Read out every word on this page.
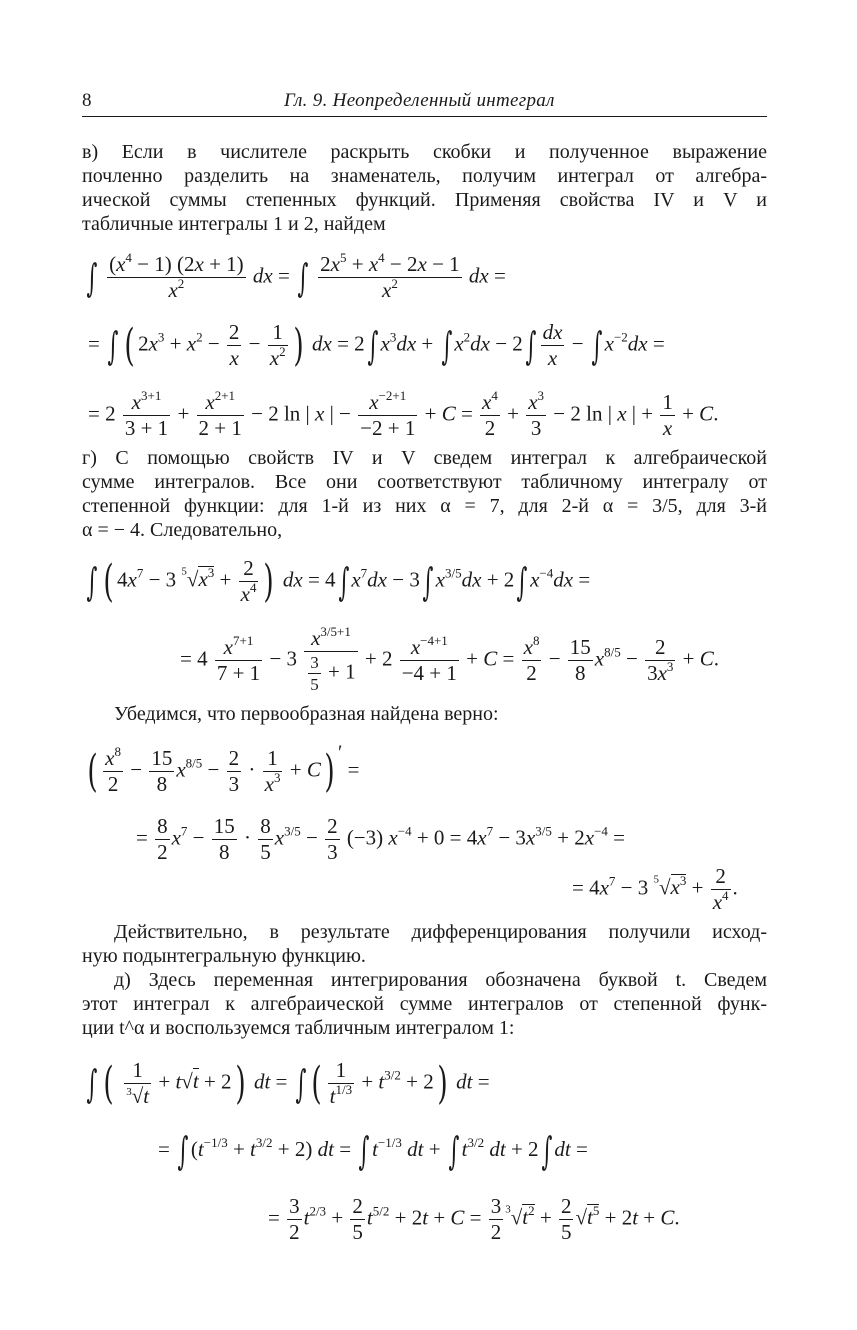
8	Гл. 9. Неопределенный интеграл
в) Если в числителе раскрыть скобки и полученное выражение
почленно разделить на знаменатель, получим интеграл от алгебра-
ической суммы степенных функций. Применяя свойства IV и V и
табличные интегралы 1 и 2, найдем
∫ $\frac{(x^4 - 1) (2x + 1)}{x^2}$ dx = ∫ $\frac{2x^5 + x^4 - 2x - 1}{x^2}$ dx =
= ∫ ( $2x^3 + x^2 - \frac{2}{x} - \frac{1}{x^2}$ ) dx = 2∫ $x^3dx$ + ∫ $x^2dx - 2\int \frac{dx}{x}$ − ∫ $x^{-2}dx$ =
= $2 \frac{x^{3+1}}{3 + 1} + \frac{x^{2+1}}{2 + 1} - 2$ ln | x | − $\frac{x^{-2+1}}{-2 + 1} + C = \frac{x^4}{2} + \frac{x^3}{3} - 2$ ln | x | + $\frac{1}{x} + C$.
г) С помощью свойств IV и V сведем интеграл к алгебраической
сумме интегралов. Все они соответствуют табличному интегралу от
степенной функции: для 1-й из них α = 7, для 2-й α = 3/5, для 3-й
α = − 4. Следовательно,
∫ ( $4x^7 - 3$ $^5√x^3 + \frac{2}{x^4}$ ) dx = 4∫ $x^7dx - 3\int$ $x^{3/5}dx + 2\int$ $x^{-4}dx$ =
= $4 \frac{x^{7+1}}{7 + 1} - 3 \frac{x^{3/5+1}}{\frac{3}{5} + 1} + 2 \frac{x^{-4+1}}{-4 + 1} + C = \frac{x^8}{2} - \frac{15}{8} x^{8/5} - \frac{2}{3x^3} + C$.
Убедимся, что первообразная найдена верно:
( $\frac{x^8}{2} - \frac{15}{8} x^{8/5} - \frac{2}{3} \cdot \frac{1}{x^3} + C$) ′ =
= $\frac{8}{2} x^7 - \frac{15}{8} \cdot \frac{8}{5} x^{3/5} - \frac{2}{3} (-3) x^{-4} + 0 = 4x^7 - 3x^{3/5} + 2x^{-4}$ =
= $4x^7 - 3$ $^5√x^3 + \frac{2}{x^4}$ .
Действительно, в результате дифференцирования получили исход-
ную подынтегральную функцию.
д) Здесь переменная интегрирования обозначена буквой t. Сведем
этот интеграл к алгебраической сумме интегралов от степенной функ-
ции t^α и воспользуемся табличным интегралом 1:
∫ ( $\frac{1}{^3√t} + t√t + 2$) dt = ∫ ( $\frac{1}{t^{1/3}} + t^{3/2} + 2$) dt =
= ∫ $(t^{-1/3} + t^{3/2} + 2)$ dt = ∫ $t^{-1/3}$ dt + ∫ $t^{3/2}$ dt + 2∫ dt =
= $\frac{3}{2} t^{2/3} + \frac{2}{5} t^{5/2} + 2t + C = \frac{3}{2} ^3√t^2 + \frac{2}{5} √t^5 + 2t + C$.
